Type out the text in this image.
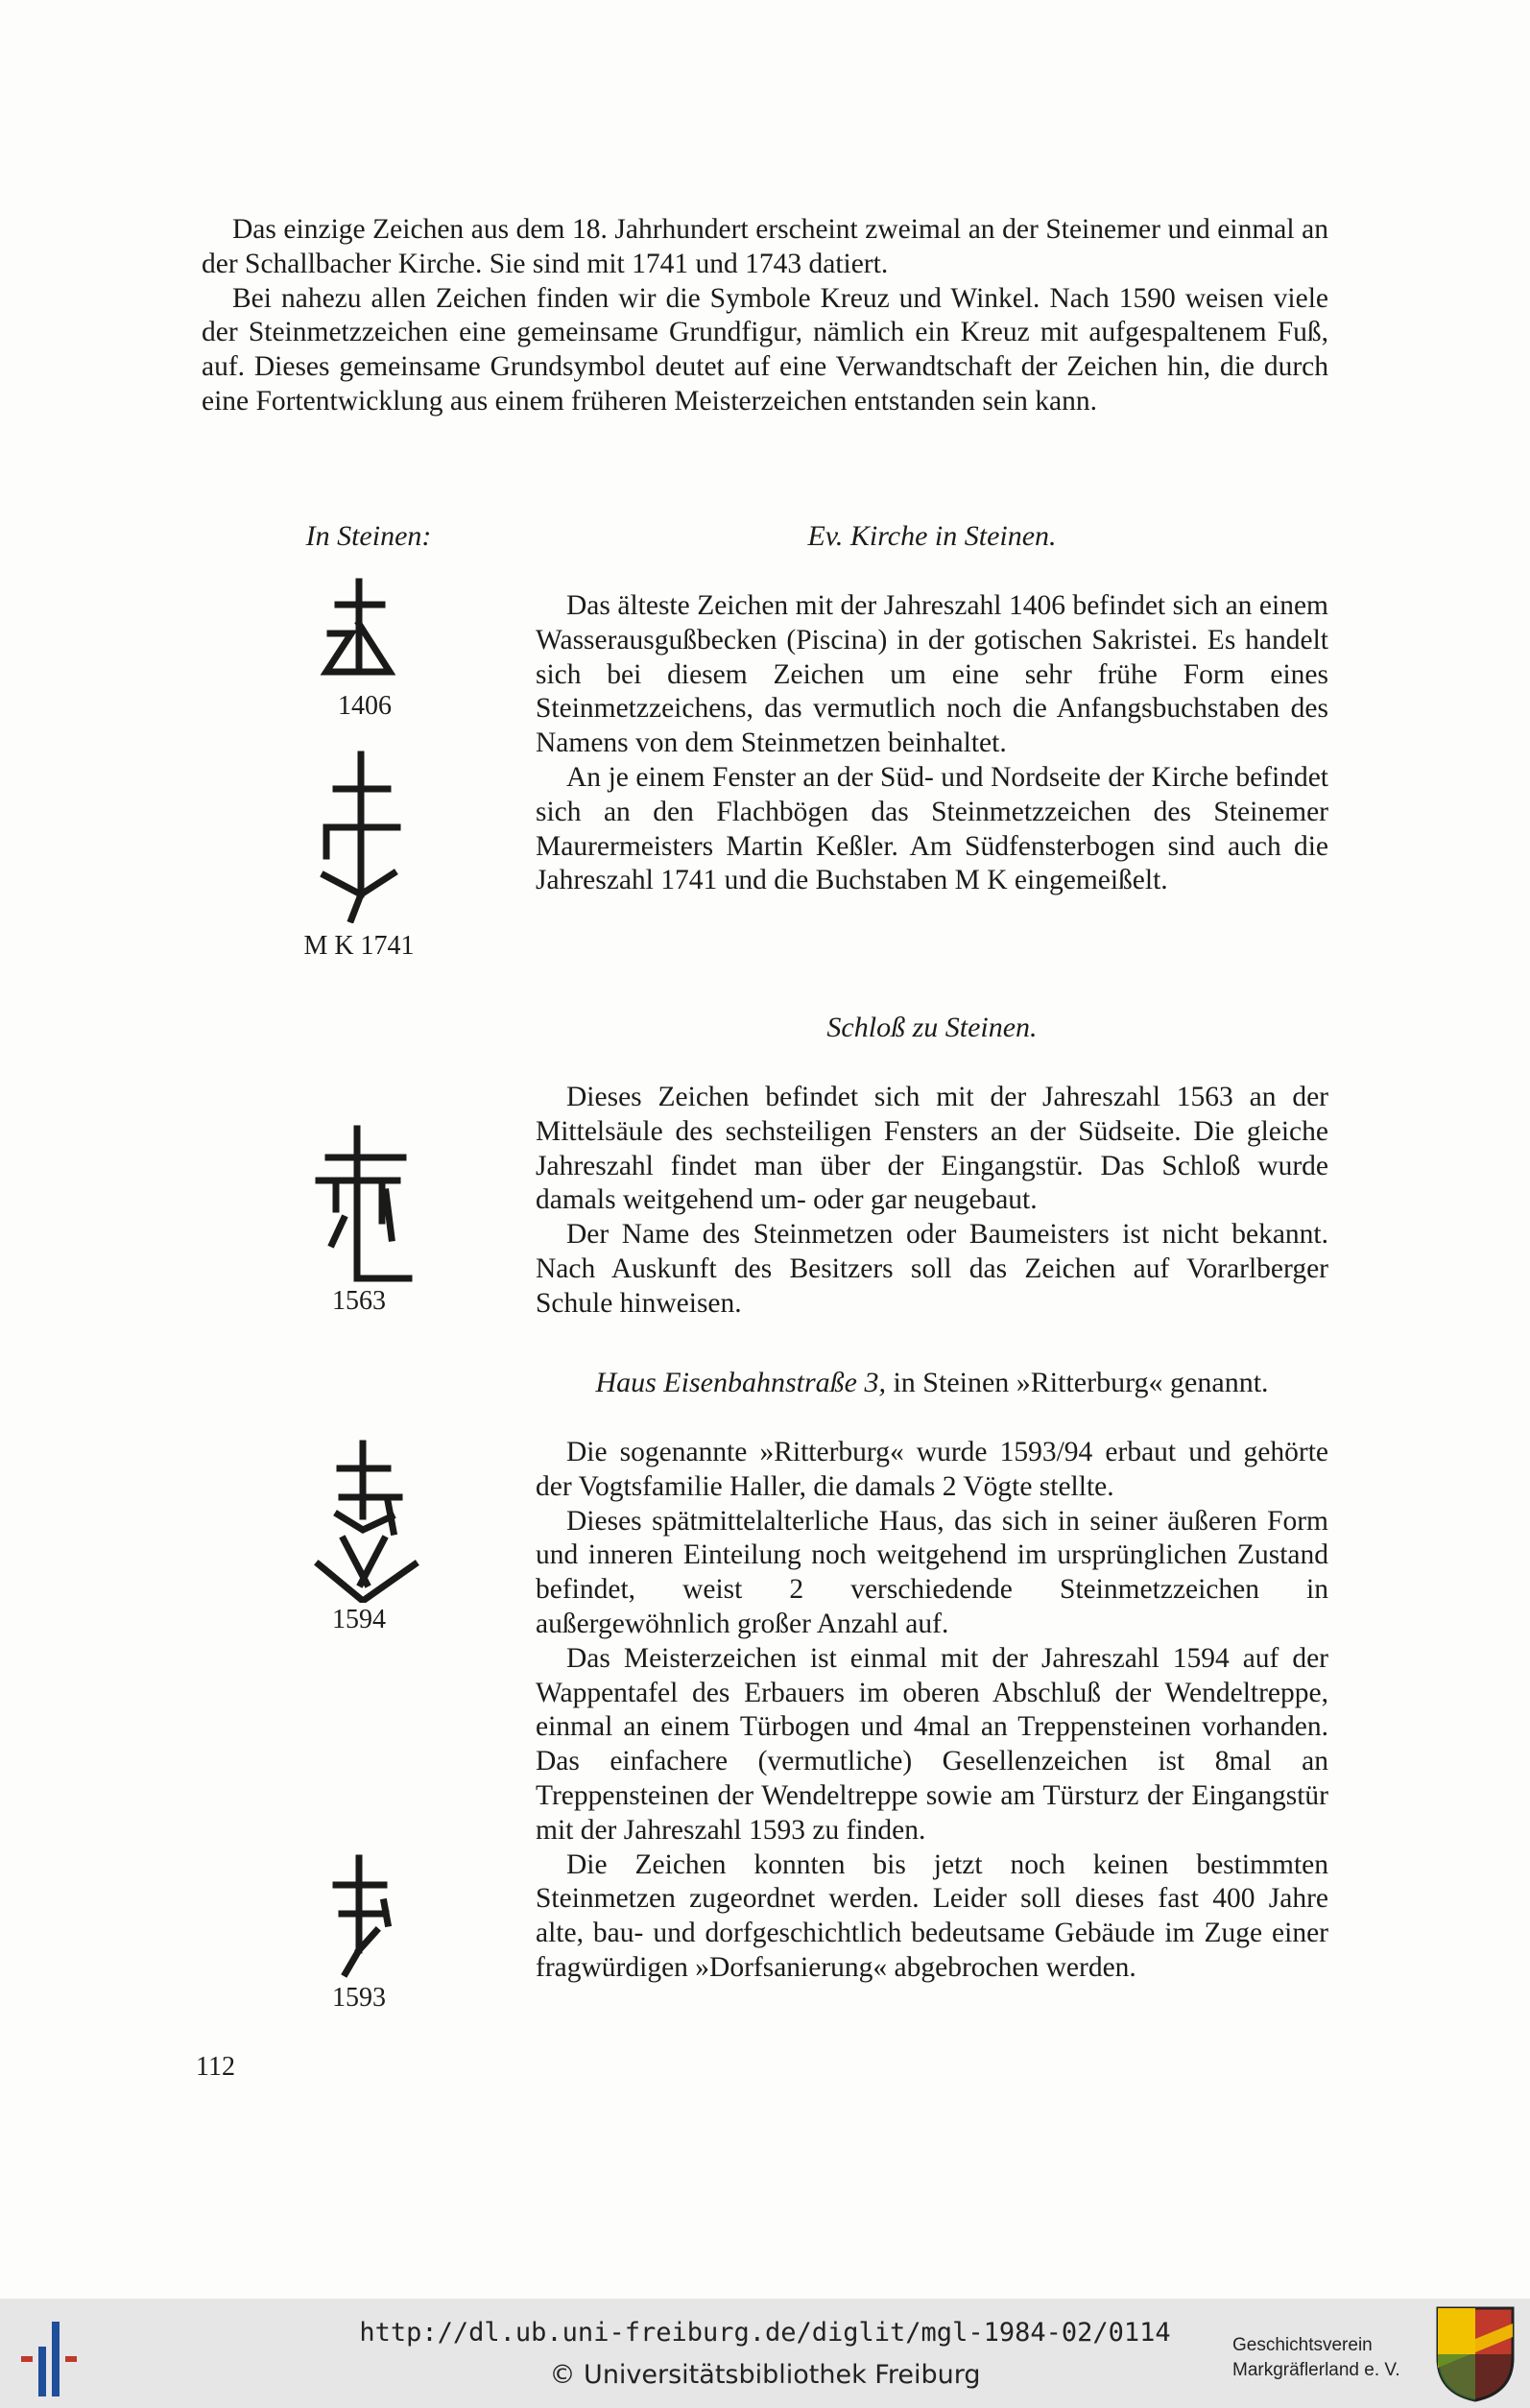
Das einzige Zeichen aus dem 18. Jahrhundert erscheint zweimal an der Steinemer und einmal an der Schallbacher Kirche. Sie sind mit 1741 und 1743 datiert.

Bei nahezu allen Zeichen finden wir die Symbole Kreuz und Winkel. Nach 1590 weisen viele der Steinmetzzeichen eine gemeinsame Grundfigur, nämlich ein Kreuz mit aufgespaltenem Fuß, auf. Dieses gemeinsame Grundsymbol deutet auf eine Verwandtschaft der Zeichen hin, die durch eine Fortentwicklung aus einem früheren Meisterzeichen entstanden sein kann.

In Steinen:	Ev. Kirche in Steinen.

Das älteste Zeichen mit der Jahreszahl 1406 befindet sich an einem Wasserausgußbecken (Piscina) in der gotischen Sakristei. Es handelt sich bei diesem Zeichen um eine sehr frühe Form eines Steinmetzzeichens, das vermutlich noch die Anfangsbuchstaben des Namens von dem Steinmetzen beinhaltet.

An je einem Fenster an der Süd- und Nordseite der Kirche befindet sich an den Flachbögen das Steinmetzzeichen des Steinemer Maurermeisters Martin Keßler. Am Südfensterbogen sind auch die Jahreszahl 1741 und die Buchstaben M K eingemeißelt.

Schloß zu Steinen.

Dieses Zeichen befindet sich mit der Jahreszahl 1563 an der Mittelsäule des sechsteiligen Fensters an der Südseite. Die gleiche Jahreszahl findet man über der Eingangstür. Das Schloß wurde damals weitgehend um- oder gar neugebaut.

Der Name des Steinmetzen oder Baumeisters ist nicht bekannt. Nach Auskunft des Besitzers soll das Zeichen auf Vorarlberger Schule hinweisen.

Haus Eisenbahnstraße 3, in Steinen »Ritterburg« genannt.

Die sogenannte »Ritterburg« wurde 1593/94 erbaut und gehörte der Vogtsfamilie Haller, die damals 2 Vögte stellte.

Dieses spätmittelalterliche Haus, das sich in seiner äußeren Form und inneren Einteilung noch weitgehend im ursprünglichen Zustand befindet, weist 2 verschiedende Steinmetzzeichen in außergewöhnlich großer Anzahl auf.

Das Meisterzeichen ist einmal mit der Jahreszahl 1594 auf der Wappentafel des Erbauers im oberen Abschluß der Wendeltreppe, einmal an einem Türbogen und 4mal an Treppensteinen vorhanden. Das einfachere (vermutliche) Gesellenzeichen ist 8mal an Treppensteinen der Wendeltreppe sowie am Türsturz der Eingangstür mit der Jahreszahl 1593 zu finden.

Die Zeichen konnten bis jetzt noch keinen bestimmten Steinmetzen zugeordnet werden. Leider soll dieses fast 400 Jahre alte, bau- und dorfgeschichtlich bedeutsame Gebäude im Zuge einer fragwürdigen »Dorfsanierung« abgebrochen werden.

1406
M K 1741
1563
1594
1593
112
http://dl.ub.uni-freiburg.de/diglit/mgl-1984-02/0114
© Universitätsbibliothek Freiburg
Geschichtsverein
Markgräflerland e. V.
